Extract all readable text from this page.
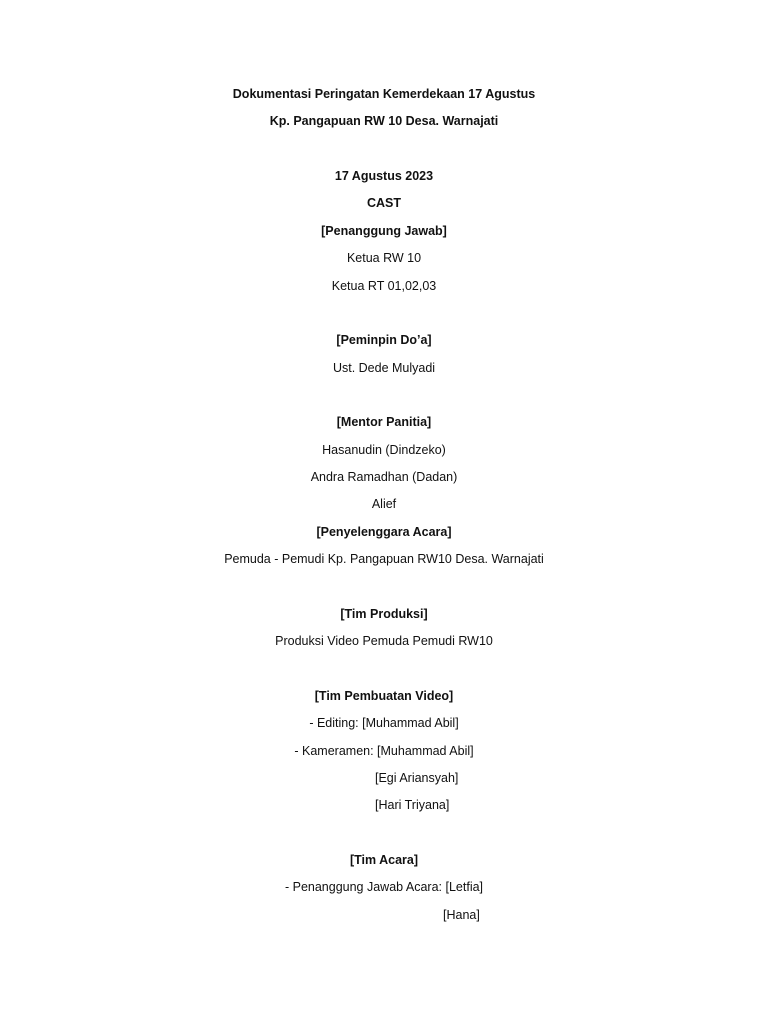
Dokumentasi Peringatan Kemerdekaan 17 Agustus
Kp. Pangapuan RW 10 Desa. Warnajati
17 Agustus 2023
CAST
[Penanggung Jawab]
Ketua RW 10
Ketua RT 01,02,03
[Peminpin Do’a]
Ust. Dede Mulyadi
[Mentor Panitia]
Hasanudin (Dindzeko)
Andra Ramadhan (Dadan)
Alief
[Penyelenggara Acara]
Pemuda - Pemudi Kp. Pangapuan RW10 Desa. Warnajati
[Tim Produksi]
Produksi Video Pemuda Pemudi RW10
[Tim Pembuatan Video]
- Editing: [Muhammad Abil]
- Kameramen: [Muhammad Abil]
[Egi Ariansyah]
[Hari Triyana]
[Tim Acara]
- Penanggung Jawab Acara: [Letfia]
[Hana]
